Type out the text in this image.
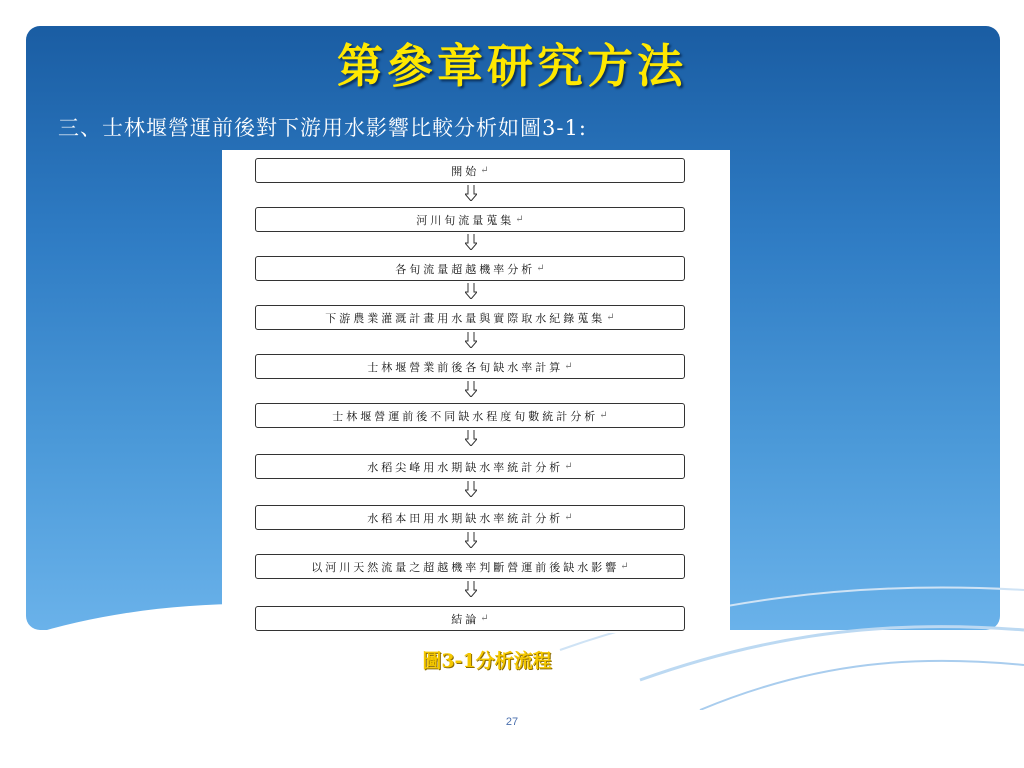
第參章研究方法
三、士林堰營運前後對下游用水影響比較分析如圖3-1:
開始 ↵
河川旬流量蒐集 ↵
各旬流量超越機率分析 ↵
下游農業灌溉計畫用水量與實際取水紀錄蒐集 ↵
士林堰營業前後各旬缺水率計算 ↵
士林堰營運前後不同缺水程度旬數統計分析 ↵
水稻尖峰用水期缺水率統計分析 ↵
水稻本田用水期缺水率統計分析 ↵
以河川天然流量之超越機率判斷營運前後缺水影響 ↵
結論 ↵
圖3-1分析流程
27
